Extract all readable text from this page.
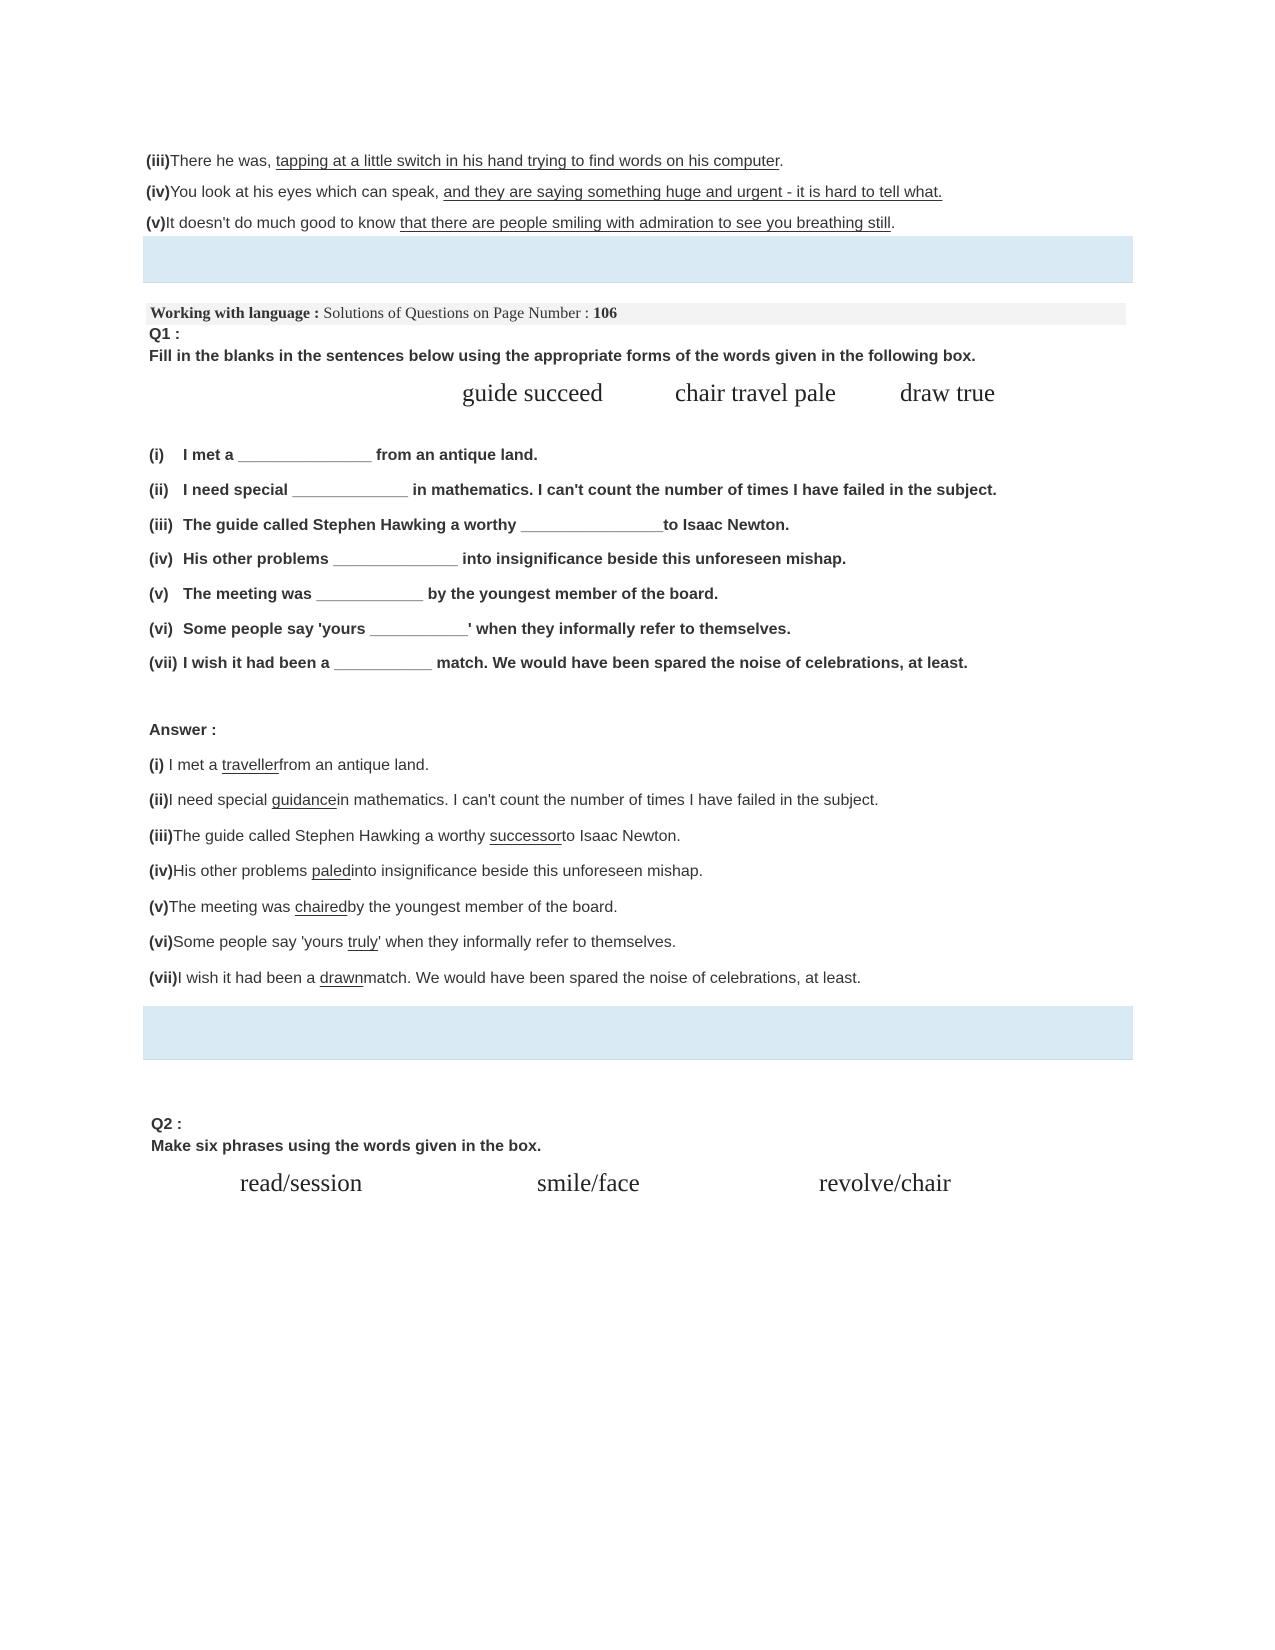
(iii)There he was, tapping at a little switch in his hand trying to find words on his computer.
(iv)You look at his eyes which can speak, and they are saying something huge and urgent - it is hard to tell what.
(v)It doesn't do much good to know that there are people smiling with admiration to see you breathing still.
Working with language : Solutions of Questions on Page Number : 106
Q1 :
Fill in the blanks in the sentences below using the appropriate forms of the words given in the following box.
guide succeed	chair travel pale	draw true
(i) I met a _______________ from an antique land.
(ii) I need special _____________ in mathematics. I can't count the number of times I have failed in the subject.
(iii) The guide called Stephen Hawking a worthy ________________to Isaac Newton.
(iv) His other problems ______________ into insignificance beside this unforeseen mishap.
(v) The meeting was ____________ by the youngest member of the board.
(vi) Some people say 'yours ___________' when they informally refer to themselves.
(vii) I wish it had been a ___________ match. We would have been spared the noise of celebrations, at least.
Answer :
(i) I met a travellerfrom an antique land.
(ii)I need special guidancein mathematics. I can't count the number of times I have failed in the subject.
(iii)The guide called Stephen Hawking a worthy successorto Isaac Newton.
(iv)His other problems paledinto insignificance beside this unforeseen mishap.
(v)The meeting was chairedby the youngest member of the board.
(vi)Some people say 'yours truly' when they informally refer to themselves.
(vii)I wish it had been a drawnmatch. We would have been spared the noise of celebrations, at least.
Q2 :
Make six phrases using the words given in the box.
read/session	smile/face	revolve/chair
